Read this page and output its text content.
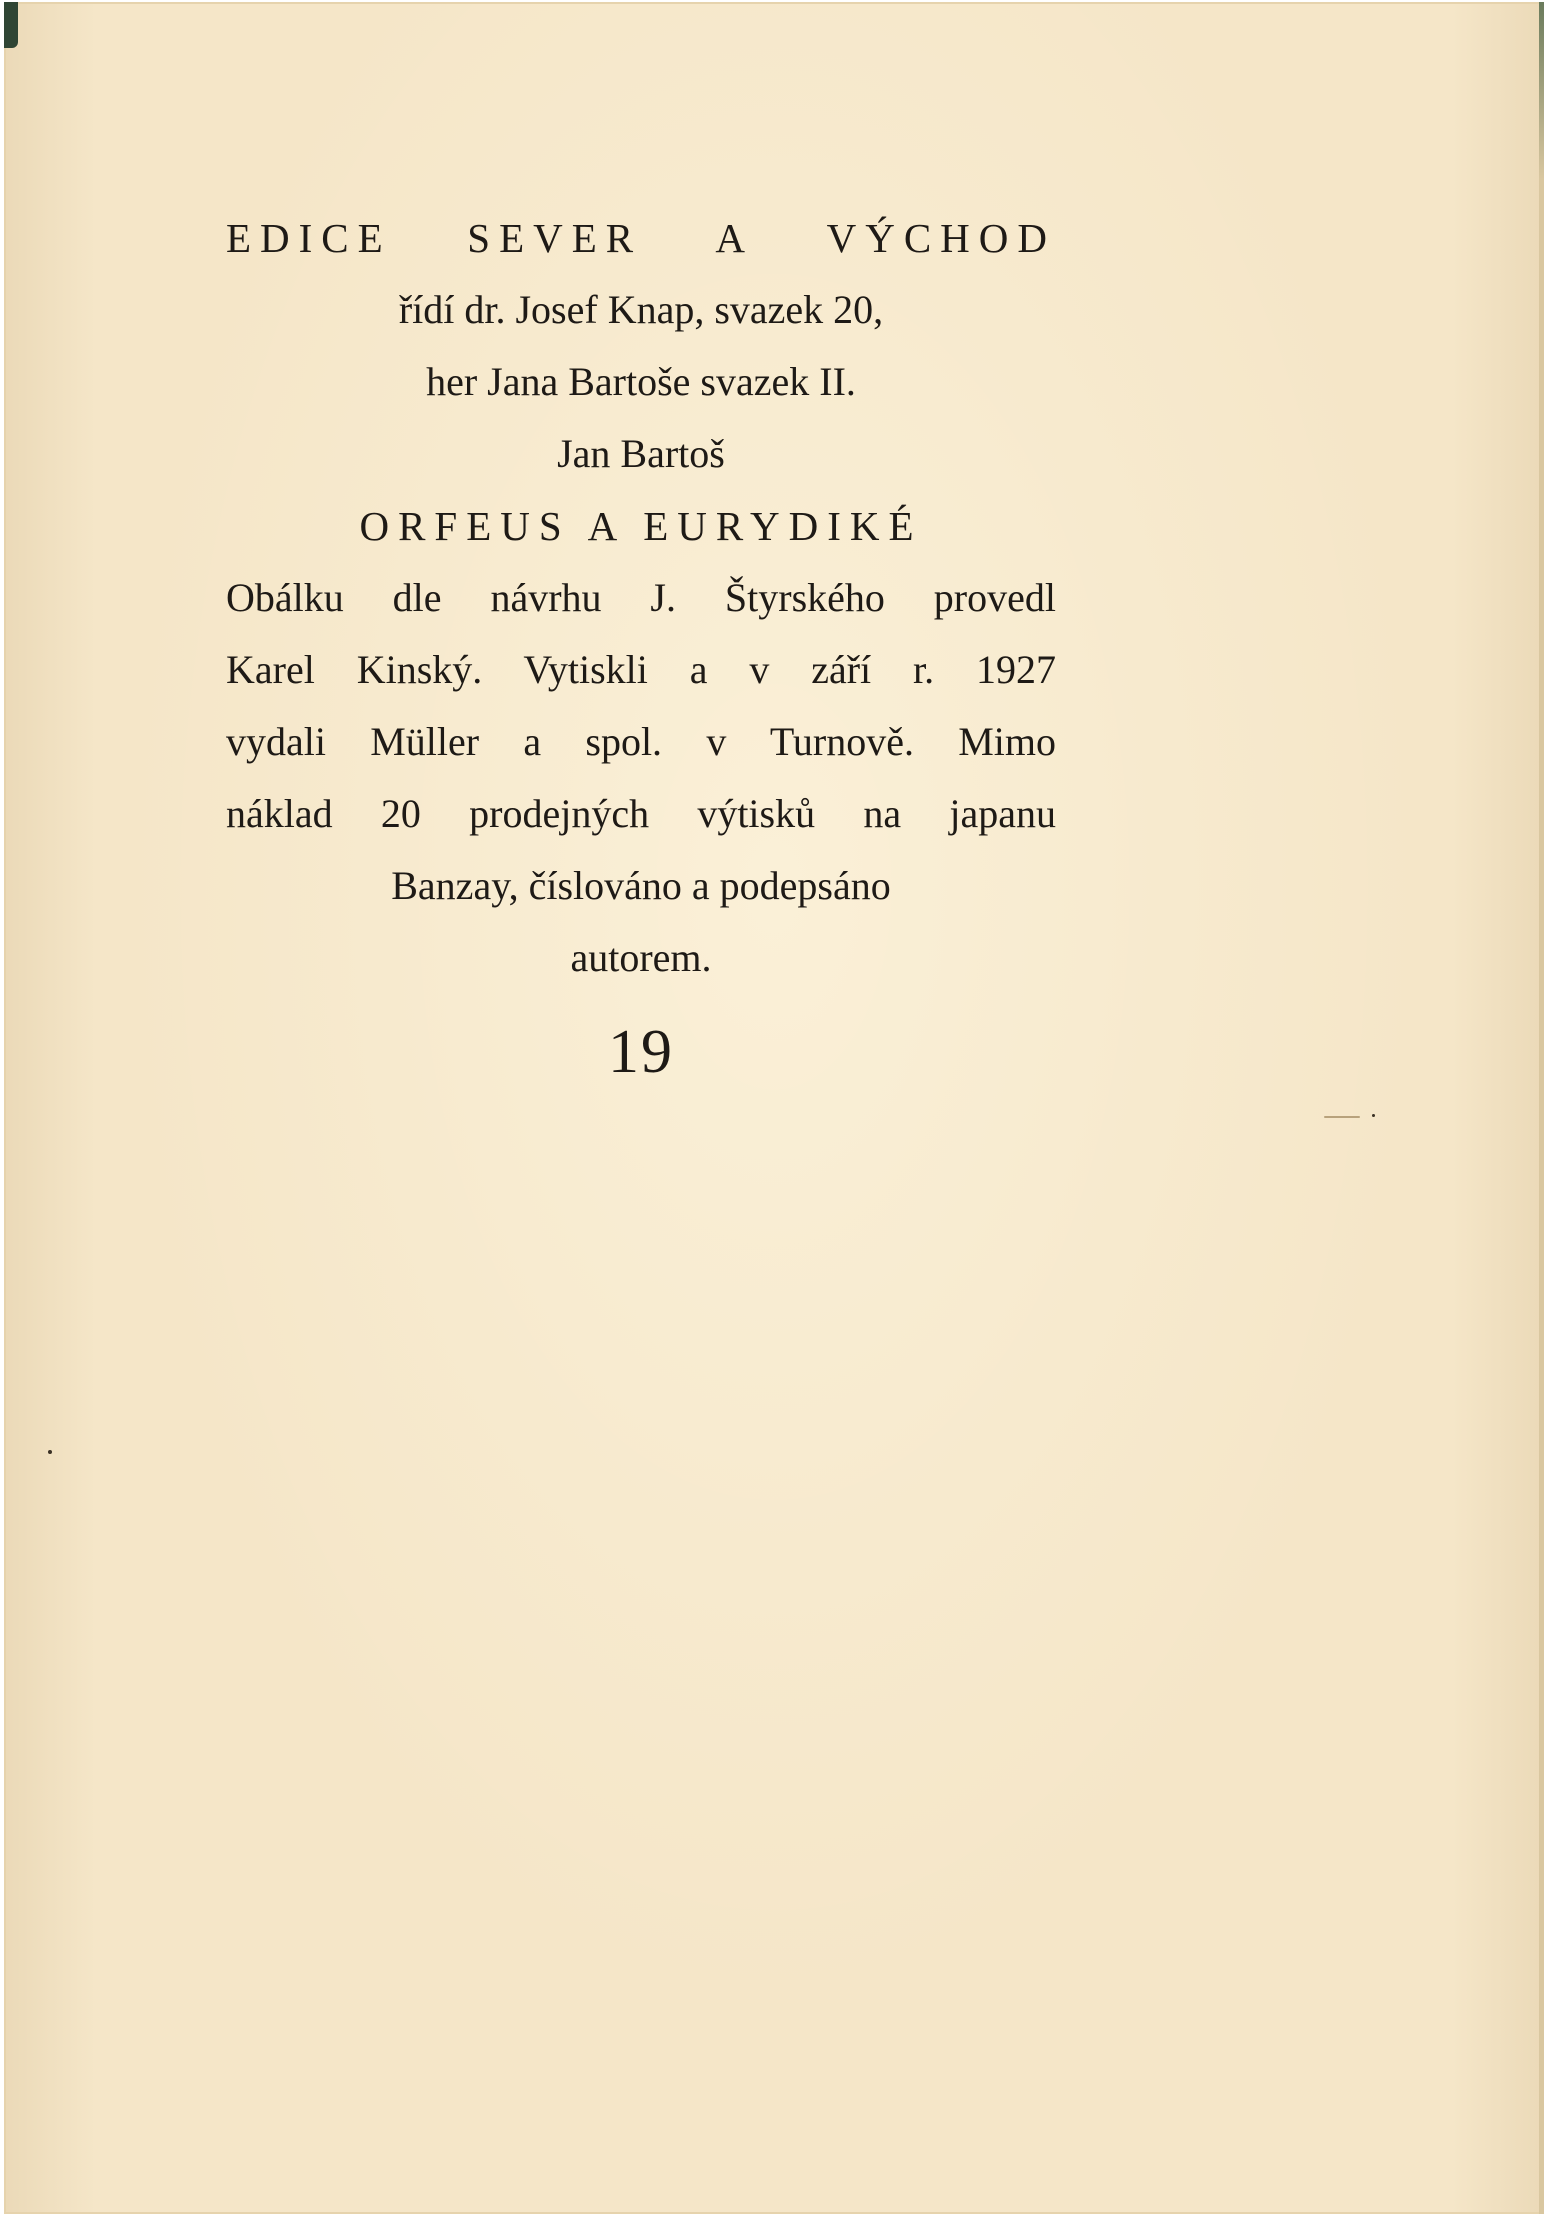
EDICE SEVER A VÝCHOD
řídí dr. Josef Knap, svazek 20,
her Jana Bartoše svazek II.
Jan Bartoš
ORFEUS A EURYDIKÉ
Obálku dle návrhu J. Štyrského provedl
Karel Kinský. Vytiskli a v září r. 1927
vydali Müller a spol. v Turnově. Mimo
náklad 20 prodejných výtisků na japanu
Banzay, číslováno a podepsáno
autorem.
19
